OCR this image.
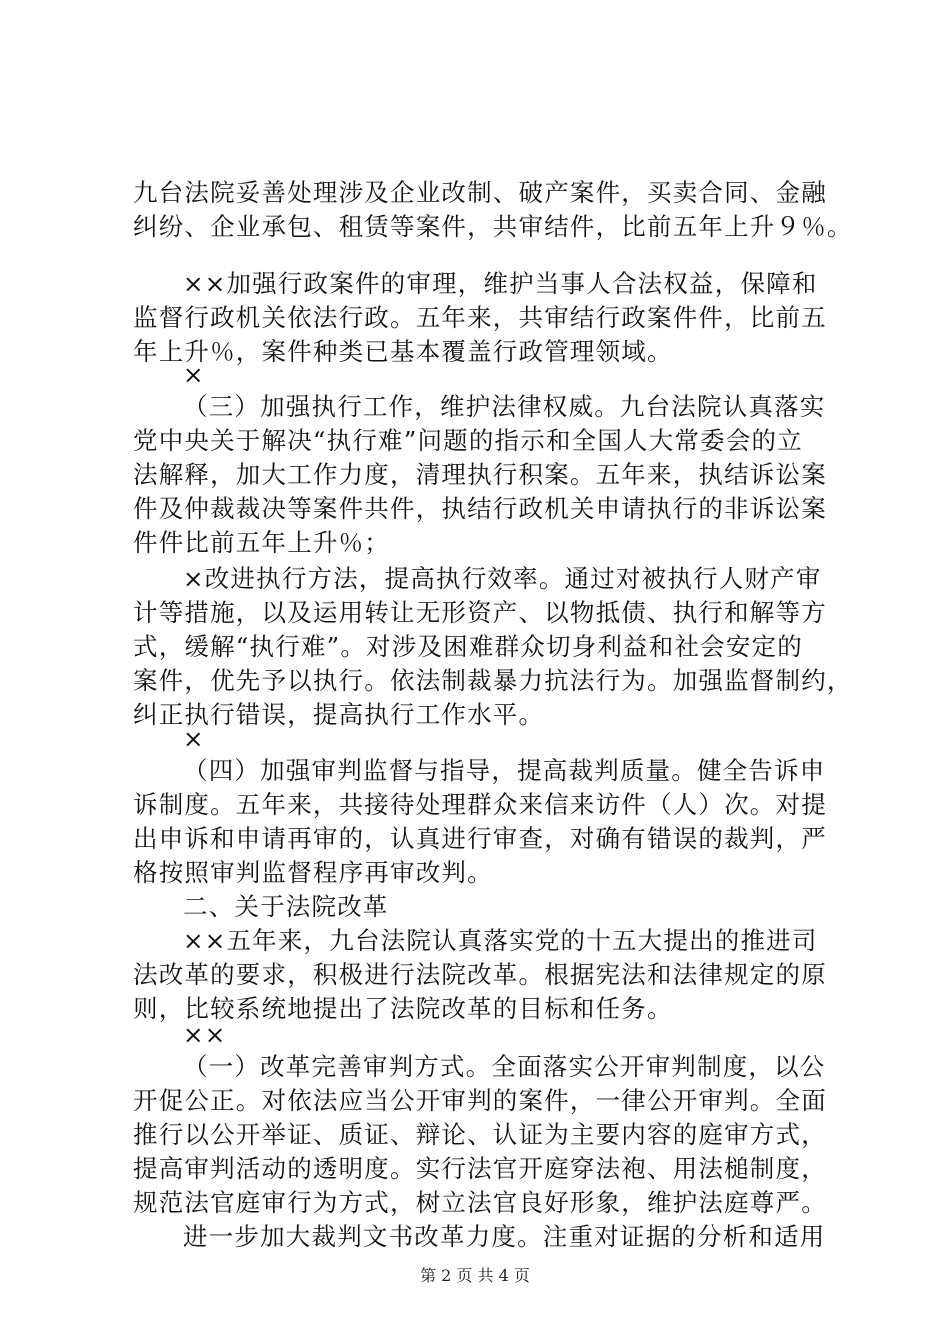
九台法院妥善处理涉及企业改制、破产案件，买卖合同、金融
纠纷、企业承包、租赁等案件，共审结件，比前五年上升９％。
××加强行政案件的审理，维护当事人合法权益，保障和
监督行政机关依法行政。五年来，共审结行政案件件，比前五
年上升％，案件种类已基本覆盖行政管理领域。
×
（三）加强执行工作，维护法律权威。九台法院认真落实
党中央关于解决“执行难”问题的指示和全国人大常委会的立
法解释，加大工作力度，清理执行积案。五年来，执结诉讼案
件及仲裁裁决等案件共件，执结行政机关申请执行的非诉讼案
件件比前五年上升％；
×改进执行方法，提高执行效率。通过对被执行人财产审
计等措施，以及运用转让无形资产、以物抵债、执行和解等方
式，缓解“执行难”。对涉及困难群众切身利益和社会安定的
案件，优先予以执行。依法制裁暴力抗法行为。加强监督制约，
纠正执行错误，提高执行工作水平。
×
（四）加强审判监督与指导，提高裁判质量。健全告诉申
诉制度。五年来，共接待处理群众来信来访件（人）次。对提
出申诉和申请再审的，认真进行审查，对确有错误的裁判，严
格按照审判监督程序再审改判。
二、关于法院改革
××五年来，九台法院认真落实党的十五大提出的推进司
法改革的要求，积极进行法院改革。根据宪法和法律规定的原
则，比较系统地提出了法院改革的目标和任务。
××
（一）改革完善审判方式。全面落实公开审判制度，以公
开促公正。对依法应当公开审判的案件，一律公开审判。全面
推行以公开举证、质证、辩论、认证为主要内容的庭审方式，
提高审判活动的透明度。实行法官开庭穿法袍、用法槌制度，
规范法官庭审行为方式，树立法官良好形象，维护法庭尊严。
进一步加大裁判文书改革力度。注重对证据的分析和适用
第 2 页 共 4 页
